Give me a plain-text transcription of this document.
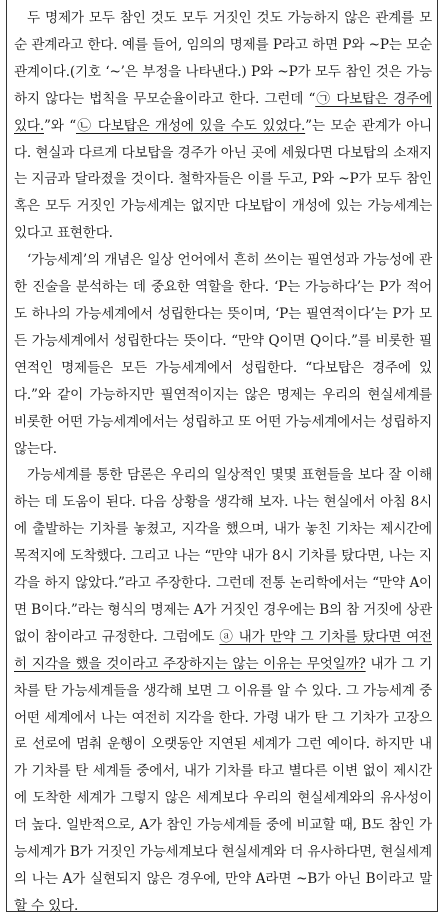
두 명제가 모두 참인 것도 모두 거짓인 것도 가능하지 않은 관계를 모순 관계라고 한다. 예를 들어, 임의의 명제를 P라고 하면 P와 ~P는 모순 관계이다.(기호 ‘~’은 부정을 나타낸다.) P와 ~P가 모두 참인 것은 가능하지 않다는 법칙을 무모순율이라고 한다. 그런데 “㉠ 다보탑은 경주에 있다.”와 “㉡ 다보탑은 개성에 있을 수도 있었다.”는 모순 관계가 아니다. 현실과 다르게 다보탑을 경주가 아닌 곳에 세웠다면 다보탑의 소재지는 지금과 달라졌을 것이다. 철학자들은 이를 두고, P와 ~P가 모두 참인 혹은 모두 거짓인 가능세계는 없지만 다보탑이 개성에 있는 가능세계는 있다고 표현한다.

‘가능세계’의 개념은 일상 언어에서 흔히 쓰이는 필연성과 가능성에 관한 진술을 분석하는 데 중요한 역할을 한다. ‘P는 가능하다’는 P가 적어도 하나의 가능세계에서 성립한다는 뜻이며, ‘P는 필연적이다’는 P가 모든 가능세계에서 성립한다는 뜻이다. “만약 Q이면 Q이다.”를 비롯한 필연적인 명제들은 모든 가능세계에서 성립한다. “다보탑은 경주에 있다.”와 같이 가능하지만 필연적이지는 않은 명제는 우리의 현실세계를 비롯한 어떤 가능세계에서는 성립하고 또 어떤 가능세계에서는 성립하지 않는다.

가능세계를 통한 담론은 우리의 일상적인 몇몇 표현들을 보다 잘 이해하는 데 도움이 된다. 다음 상황을 생각해 보자. 나는 현실에서 아침 8시에 출발하는 기차를 놓쳤고, 지각을 했으며, 내가 놓친 기차는 제시간에 목적지에 도착했다. 그리고 나는 “만약 내가 8시 기차를 탔다면, 나는 지각을 하지 않았다.”라고 주장한다. 그런데 전통 논리학에서는 “만약 A이면 B이다.”라는 형식의 명제는 A가 거짓인 경우에는 B의 참 거짓에 상관없이 참이라고 규정한다. 그럼에도 ⓐ 내가 만약 그 기차를 탔다면 여전히 지각을 했을 것이라고 주장하지는 않는 이유는 무엇일까? 내가 그 기차를 탄 가능세계들을 생각해 보면 그 이유를 알 수 있다. 그 가능세계 중 어떤 세계에서 나는 여전히 지각을 한다. 가령 내가 탄 그 기차가 고장으로 선로에 멈춰 운행이 오랫동안 지연된 세계가 그런 예이다. 하지만 내가 기차를 탄 세계들 중에서, 내가 기차를 타고 별다른 이변 없이 제시간에 도착한 세계가 그렇지 않은 세계보다 우리의 현실세계와의 유사성이 더 높다. 일반적으로, A가 참인 가능세계들 중에 비교할 때, B도 참인 가능세계가 B가 거짓인 가능세계보다 현실세계와 더 유사하다면, 현실세계의 나는 A가 실현되지 않은 경우에, 만약 A라면 ~B가 아닌 B이라고 말할 수 있다.
